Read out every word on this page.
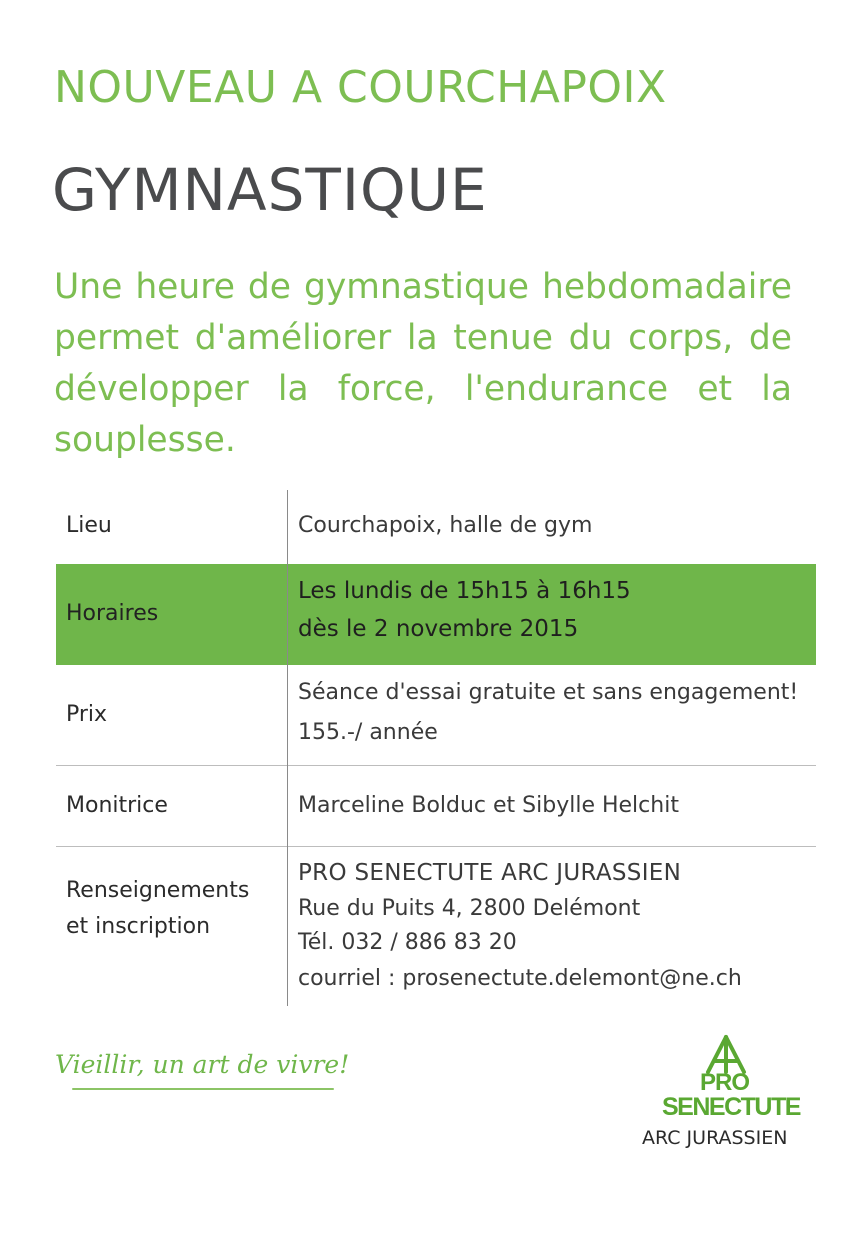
NOUVEAU A COURCHAPOIX
GYMNASTIQUE

Une heure de gymnastique hebdomadaire permet d'améliorer la tenue du corps, de développer la force, l'endurance et la souplesse.

Lieu	Courchapoix, halle de gym
Horaires
Les lundis de 15h15 à 16h15
dès le 2 novembre 2015
Prix
Séance d'essai gratuite et sans engagement!
155.-/ année
Monitrice	Marceline Bolduc et Sibylle Helchit
Renseignements
et inscription
PRO SENECTUTE ARC JURASSIEN
Rue du Puits 4, 2800 Delémont
Tél. 032 / 886 83 20
courriel : prosenectute.delemont@ne.ch

Vieillir, un art de vivre!

PRO
SENECTUTE
ARC JURASSIEN
